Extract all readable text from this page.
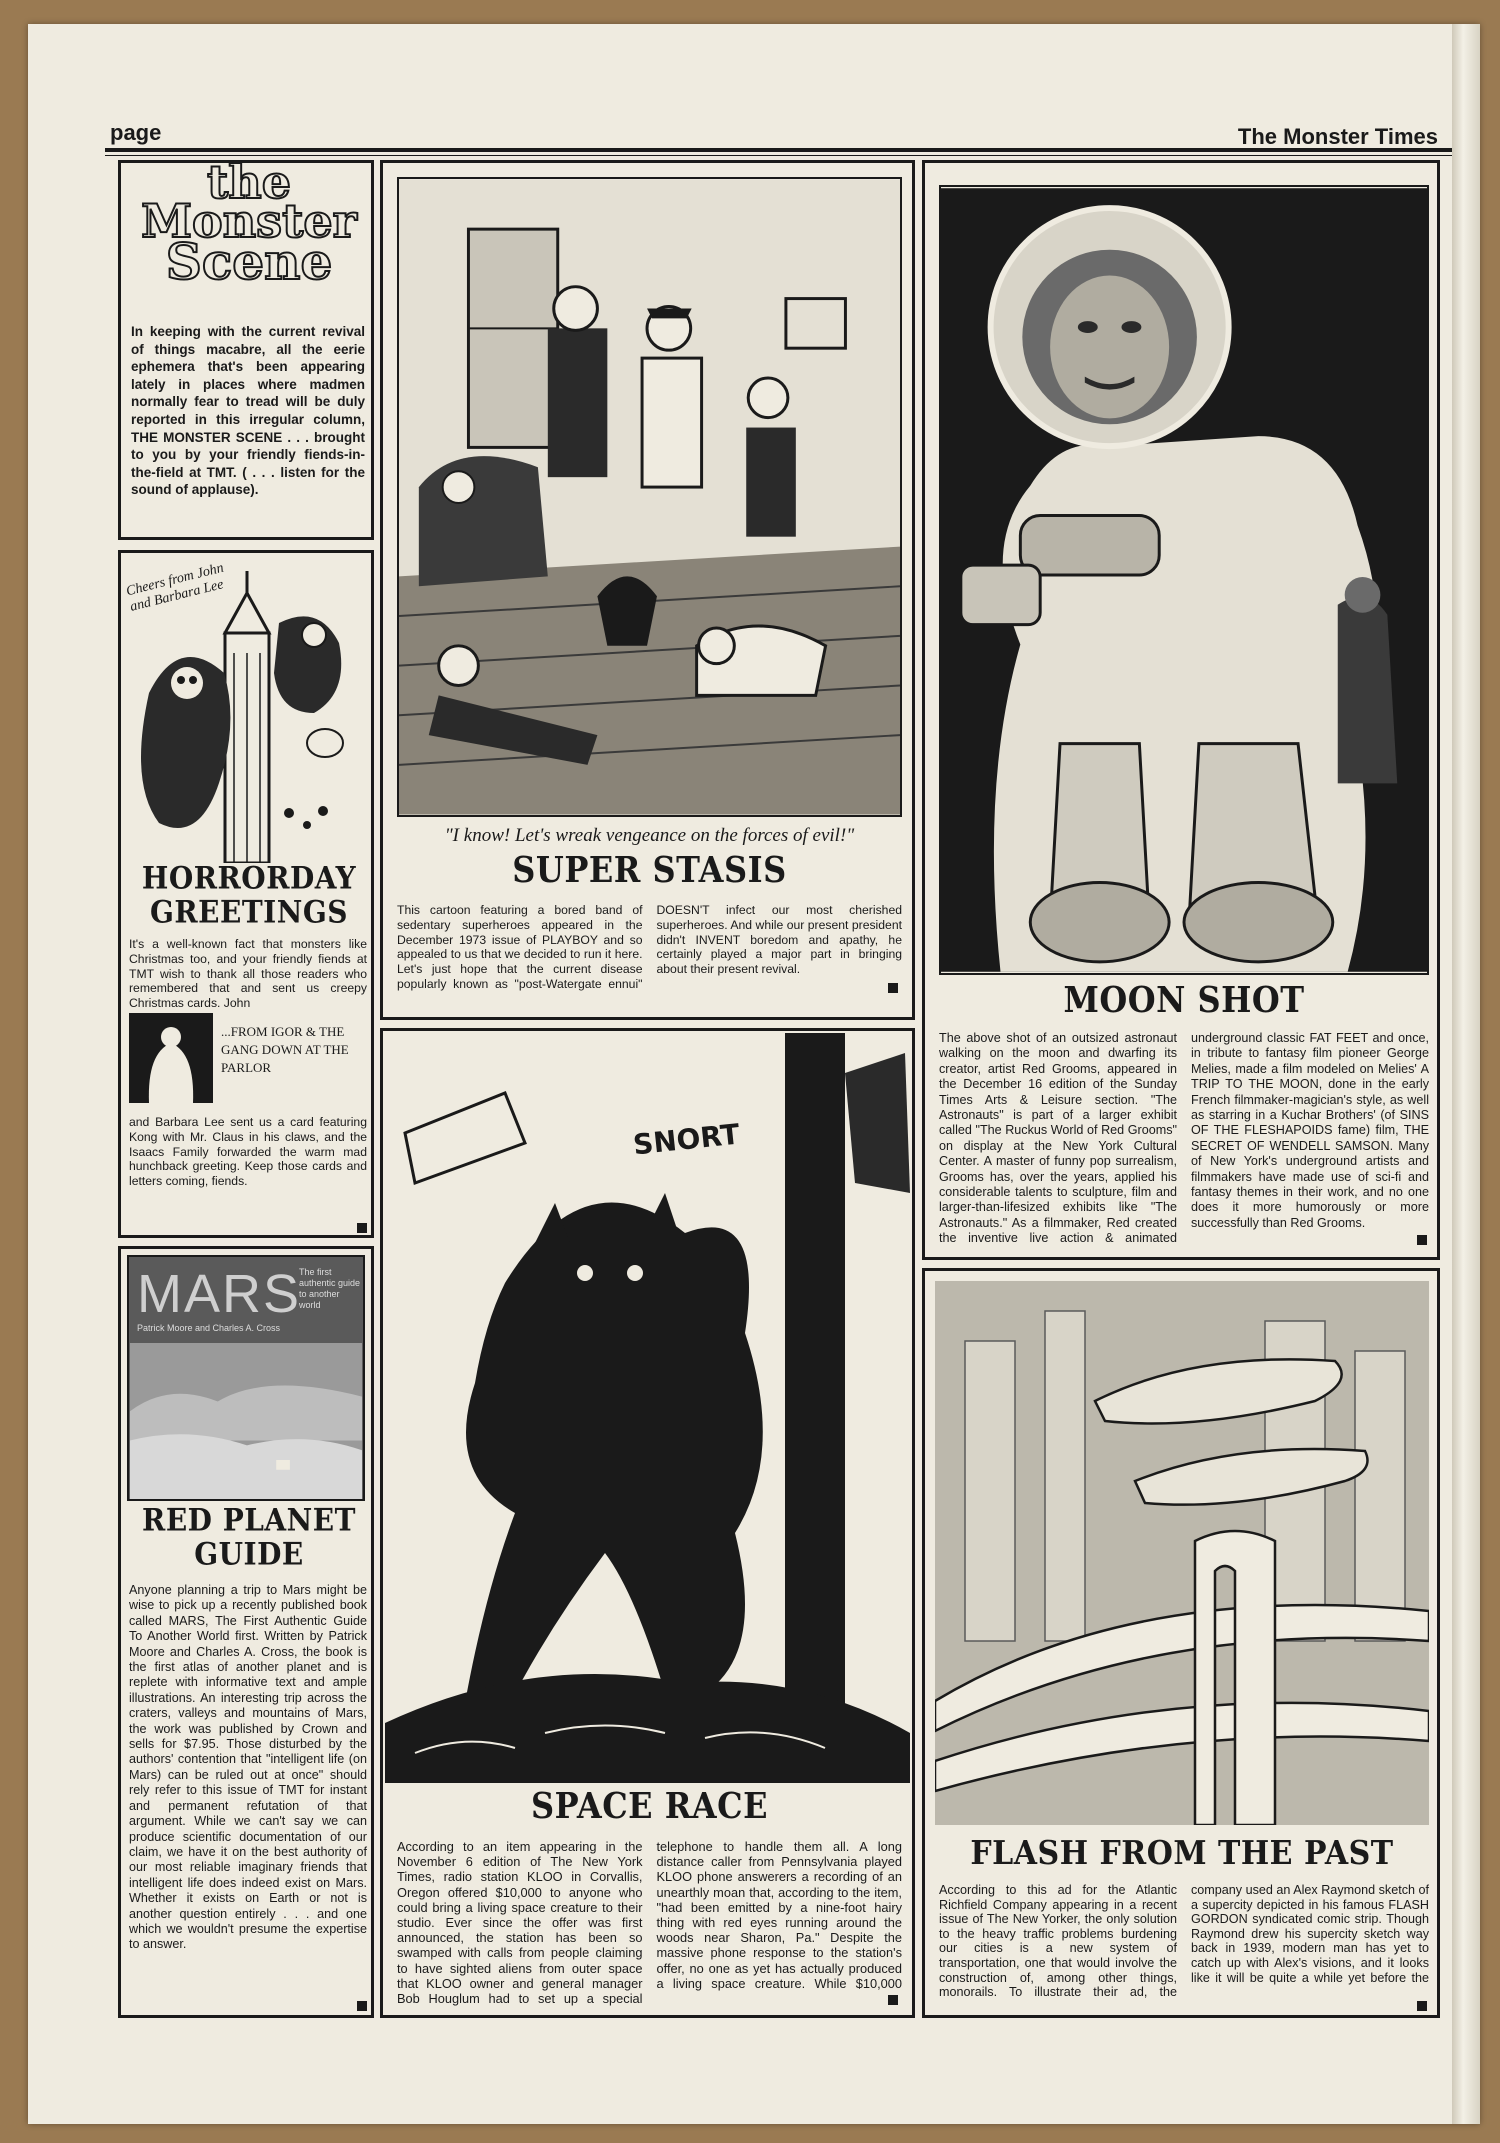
page	The Monster Times
the
Monster
Scene
In keeping with the current revival of things macabre, all the eerie ephemera that's been appearing lately in places where madmen normally fear to tread will be duly reported in this irregular column, THE MONSTER SCENE . . . brought to you by your friendly fiends-in-the-field at TMT. ( . . . listen for the sound of applause).
Cheers from John and Barbara Lee
HORRORDAY GREETINGS
It's a well-known fact that monsters like Christmas too, and your friendly fiends at TMT wish to thank all those readers who remembered that and sent us creepy Christmas cards. John
...FROM IGOR & THE GANG DOWN AT THE PARLOR
and Barbara Lee sent us a card featuring Kong with Mr. Claus in his claws, and the Isaacs Family forwarded the warm mad hunchback greeting. Keep those cards and letters coming, fiends.
MARS
The first authentic guide to another world
Patrick Moore and Charles A. Cross
RED PLANET GUIDE
Anyone planning a trip to Mars might be wise to pick up a recently published book called MARS, The First Authentic Guide To Another World first. Written by Patrick Moore and Charles A. Cross, the book is the first atlas of another planet and is replete with informative text and ample illustrations. An interesting trip across the craters, valleys and mountains of Mars, the work was published by Crown and sells for $7.95. Those disturbed by the authors' contention that "intelligent life (on Mars) can be ruled out at once" should rely refer to this issue of TMT for instant and permanent refutation of that argument. While we can't say we can produce scientific documentation of our claim, we have it on the best authority of our most reliable imaginary friends that intelligent life does indeed exist on Mars. Whether it exists on Earth or not is another question entirely . . . and one which we wouldn't presume the expertise to answer.
"I know! Let's wreak vengeance on the forces of evil!"
SUPER STASIS
This cartoon featuring a bored band of sedentary superheroes appeared in the December 1973 issue of PLAYBOY and so appealed to us that we decided to run it here. Let's just hope that the current disease popularly known as "post-Watergate ennui" DOESN'T infect our most cherished superheroes. And while our present president didn't INVENT boredom and apathy, he certainly played a major part in bringing about their present revival.
SNORT
SPACE RACE
According to an item appearing in the November 6 edition of The New York Times, radio station KLOO in Corvallis, Oregon offered $10,000 to anyone who could bring a living space creature to their studio. Ever since the offer was first announced, the station has been so swamped with calls from people claiming to have sighted aliens from outer space that KLOO owner and general manager Bob Houglum had to set up a special telephone to handle them all. A long distance caller from Pennsylvania played KLOO phone answerers a recording of an unearthly moan that, according to the item, "had been emitted by a nine-foot hairy thing with red eyes running around the woods near Sharon, Pa." Despite the massive phone response to the station's offer, no one as yet has actually produced a living space creature. While $10,000
MOON SHOT
The above shot of an outsized astronaut walking on the moon and dwarfing its creator, artist Red Grooms, appeared in the December 16 edition of the Sunday Times Arts & Leisure section. "The Astronauts" is part of a larger exhibit called "The Ruckus World of Red Grooms" on display at the New York Cultural Center. A master of funny pop surrealism, Grooms has, over the years, applied his considerable talents to sculpture, film and larger-than-lifesized exhibits like "The Astronauts." As a filmmaker, Red created the inventive live action & animated underground classic FAT FEET and once, in tribute to fantasy film pioneer George Melies, made a film modeled on Melies' A TRIP TO THE MOON, done in the early French filmmaker-magician's style, as well as starring in a Kuchar Brothers' (of SINS OF THE FLESHAPOIDS fame) film, THE SECRET OF WENDELL SAMSON. Many of New York's underground artists and filmmakers have made use of sci-fi and fantasy themes in their work, and no one does it more humorously or more successfully than Red Grooms.
FLASH FROM THE PAST
According to this ad for the Atlantic Richfield Company appearing in a recent issue of The New Yorker, the only solution to the heavy traffic problems burdening our cities is a new system of transportation, one that would involve the construction of, among other things, monorails. To illustrate their ad, the company used an Alex Raymond sketch of a supercity depicted in his famous FLASH GORDON syndicated comic strip. Though Raymond drew his supercity sketch way back in 1939, modern man has yet to catch up with Alex's visions, and it looks like it will be quite a while yet before the
